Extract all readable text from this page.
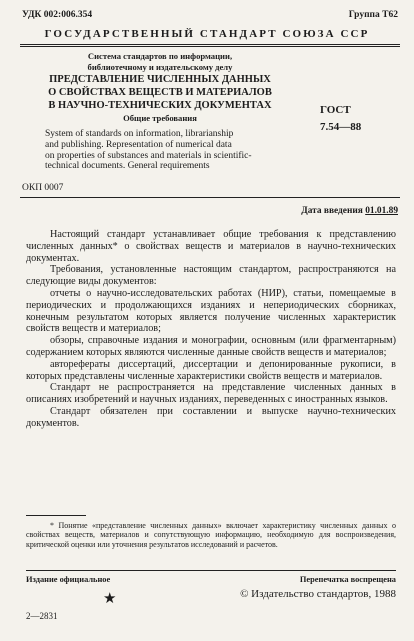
УДК 002:006.354	Группа Т62
ГОСУДАРСТВЕННЫЙ СТАНДАРТ СОЮЗА ССР
Система стандартов по информации,
библиотечному и издательскому делу
ПРЕДСТАВЛЕНИЕ ЧИСЛЕННЫХ ДАННЫХ
О СВОЙСТВАХ ВЕЩЕСТВ И МАТЕРИАЛОВ
В НАУЧНО-ТЕХНИЧЕСКИХ ДОКУМЕНТАХ	ГОСТ
7.54—88
Общие требования
System of standards on information, librarianship
and publishing. Representation of numerical data
on properties of substances and materials in scientific-
technical documents. General requirements
ОКП 0007
Дата введения 01.01.89

Настоящий стандарт устанавливает общие требования к представлению численных данных* о свойствах веществ и материалов в научно-технических документах.

Требования, установленные настоящим стандартом, распространяются на следующие виды документов:

отчеты о научно-исследовательских работах (НИР), статьи, помещаемые в периодических и продолжающихся изданиях и непериодических сборниках, конечным результатом которых является получение численных характеристик свойств веществ и материалов;

обзоры, справочные издания и монографии, основным (или фрагментарным) содержанием которых являются численные данные свойств веществ и материалов;

авторефераты диссертаций, диссертации и депонированные рукописи, в которых представлены численные характеристики свойств веществ и материалов.

Стандарт не распространяется на представление численных данных в описаниях изобретений и научных изданиях, переведенных с иностранных языков.

Стандарт обязателен при составлении и выпуске научно-технических документов.

* Понятие «представление численных данных» включает характеристику численных данных о свойствах веществ, материалов и сопутствующую информацию, необходимую для воспроизведения, критической оценки или уточнения результатов исследований и расчетов.
Издание официальное	Перепечатка воспрещена
★	© Издательство стандартов, 1988
2—2831
